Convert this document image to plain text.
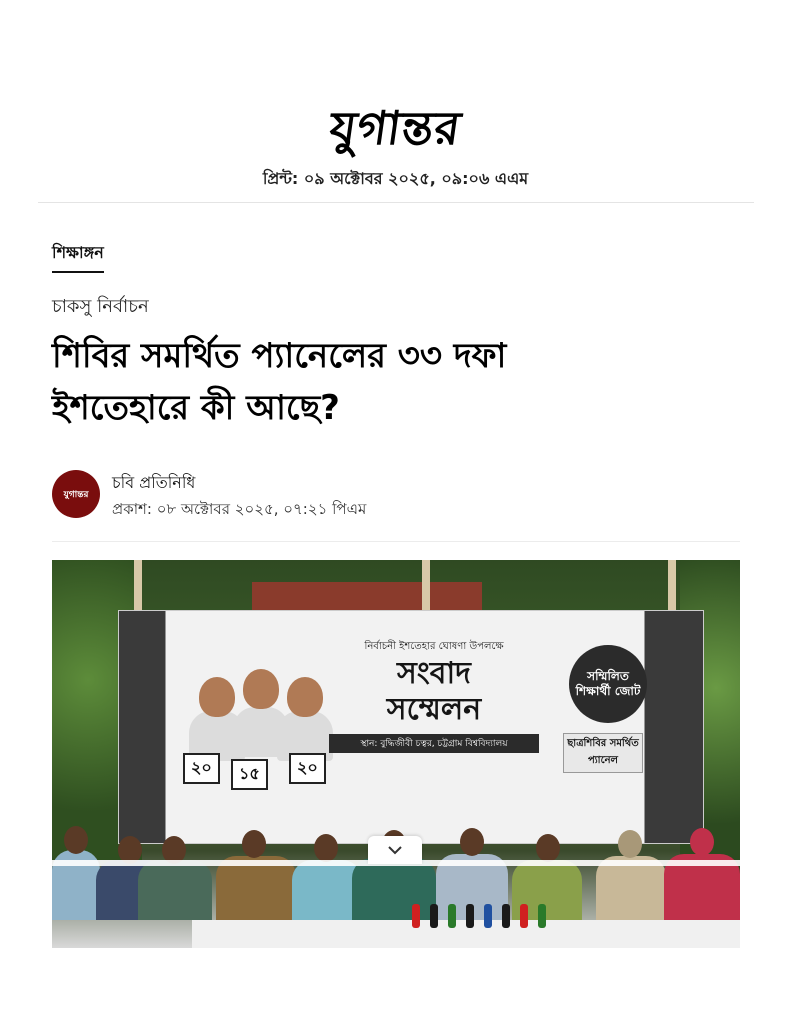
যুগান্তর
প্রিন্ট: ০৯ অক্টোবর ২০২৫, ০৯:০৬ এএম
শিক্ষাঙ্গন
চাকসু নির্বাচন
শিবির সমর্থিত প্যানেলের ৩৩ দফা
ইশতেহারে কী আছে?
যুগান্তর
চবি প্রতিনিধি
প্রকাশ: ০৮ অক্টোবর ২০২৫, ০৭:২১ পিএম
২০	১৫	২০
নির্বাচনী ইশতেহার ঘোষণা উপলক্ষে
সংবাদ
সম্মেলন
স্থান: বুদ্ধিজীবী চত্বর, চট্টগ্রাম বিশ্ববিদ্যালয়
সম্মিলিত শিক্ষার্থী জোট
ছাত্রশিবির সমর্থিত প্যানেল
